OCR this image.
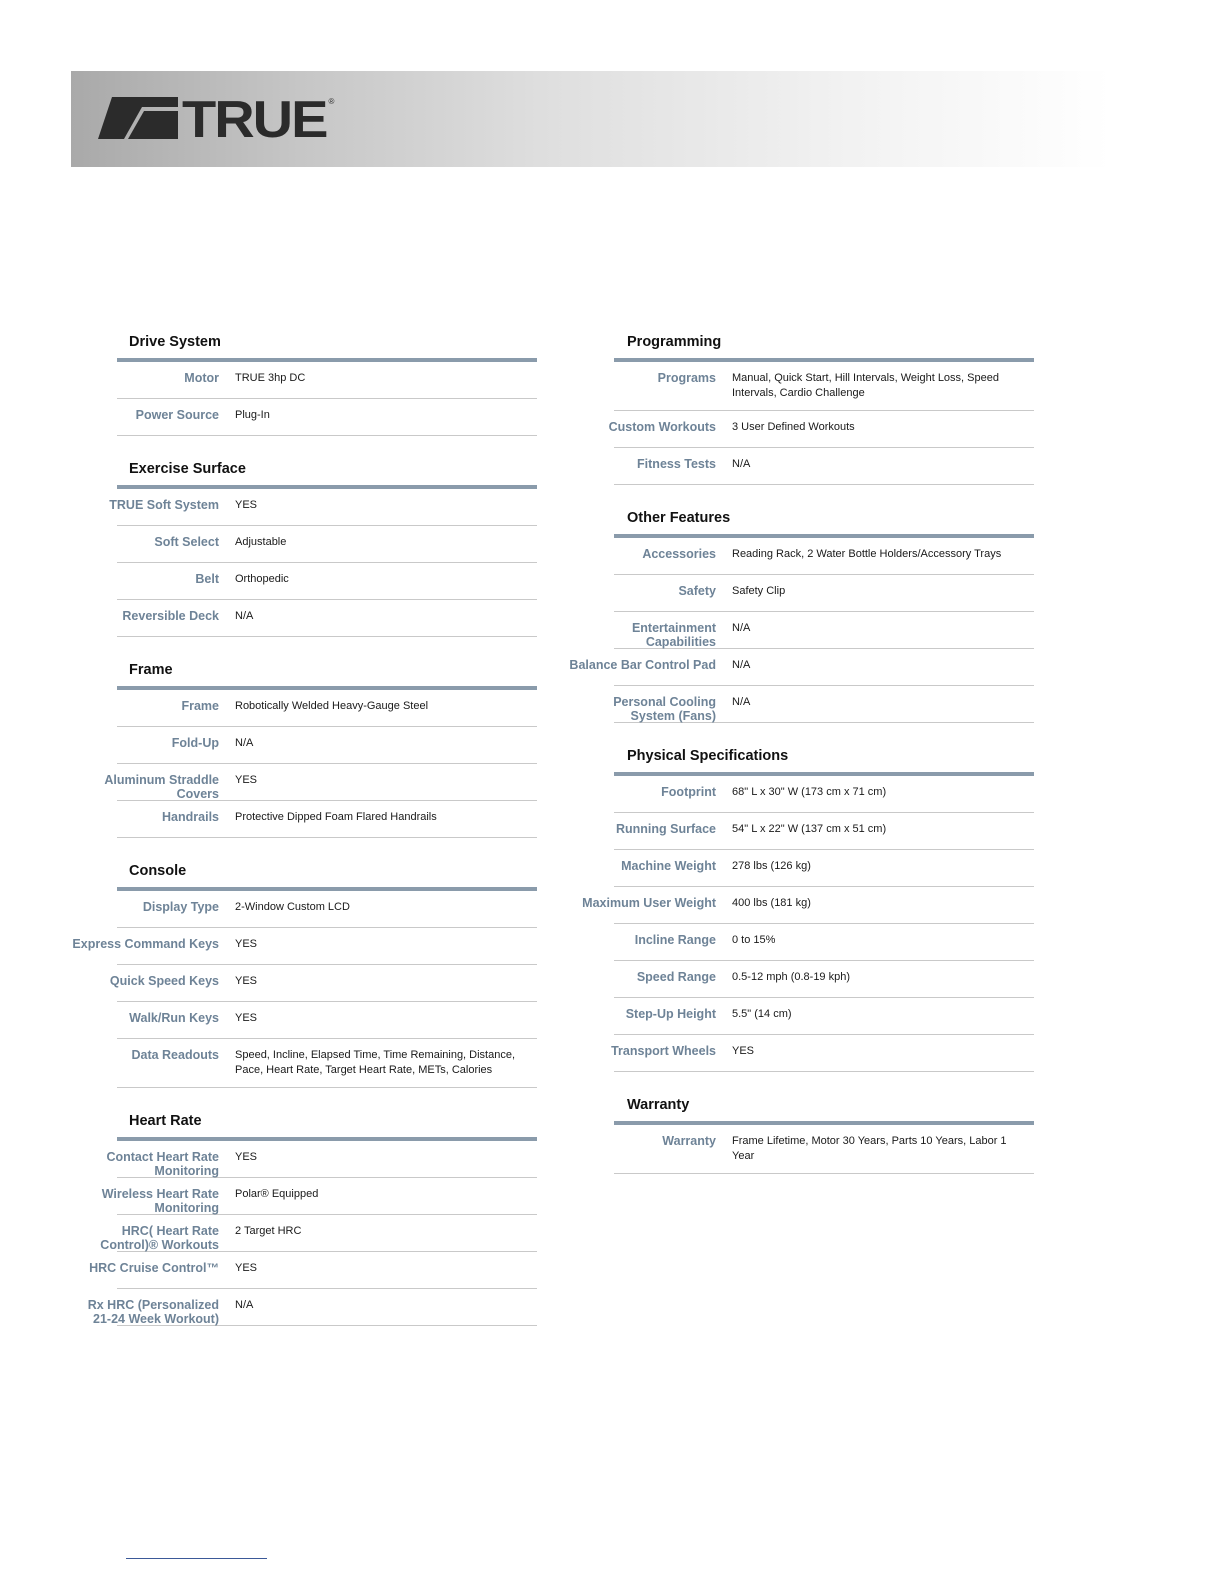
TRUE ®
Drive System
Motor TRUE 3hp DC
Power Source Plug-In
Exercise Surface
TRUE Soft System YES
Soft Select Adjustable
Belt Orthopedic
Reversible Deck N/A
Frame
Frame Robotically Welded Heavy-Gauge Steel
Fold-Up N/A
Aluminum Straddle Covers
YES
Handrails Protective Dipped Foam Flared Handrails
Console
Display Type 2-Window Custom LCD
Express Command Keys YES
Quick Speed Keys YES
Walk/Run Keys YES
Data Readouts Speed, Incline, Elapsed Time, Time Remaining, Distance, Pace, Heart Rate, Target Heart Rate, METs, Calories
Heart Rate
Contact Heart Rate Monitoring
YES
Wireless Heart Rate Monitoring
Polar® Equipped
HRC( Heart Rate Control)® Workouts
2 Target HRC
HRC Cruise Control™ YES
Rx HRC (Personalized 21-24 Week Workout)
N/A
Programming
Programs Manual, Quick Start, Hill Intervals, Weight Loss, Speed Intervals, Cardio Challenge
Custom Workouts 3 User Defined Workouts
Fitness Tests N/A
Other Features
Accessories Reading Rack, 2 Water Bottle Holders/Accessory Trays
Safety Safety Clip
Entertainment Capabilities
N/A
Balance Bar Control Pad N/A
Personal Cooling System (Fans)
N/A
Physical Specifications
Footprint 68" L x 30" W (173 cm x 71 cm)
Running Surface 54" L x 22" W (137 cm x 51 cm)
Machine Weight 278 lbs (126 kg)
Maximum User Weight 400 lbs (181 kg)
Incline Range 0 to 15%
Speed Range 0.5-12 mph (0.8-19 kph)
Step-Up Height 5.5" (14 cm)
Transport Wheels YES
Warranty
Warranty Frame Lifetime, Motor 30 Years, Parts 10 Years, Labor 1 Year
